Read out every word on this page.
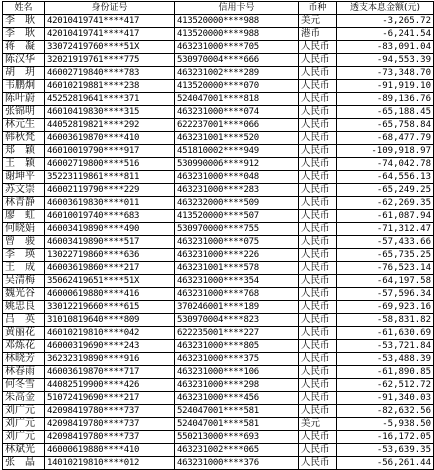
姓名	身份证号	信用卡号	币种	透支本息金额(元)
李　耿	42010419741****417	413520000****988	美元	-3,265.72
李　耿	42010419741****417	413520000****988	港币	-6,241.54
蒋　凝	33072419760****51X	463231000****705	人民币	-83,091.04
陈汉华	32021919761****775	530970004****666	人民币	-94,553.39
胡　玥	46002719840****783	463231002****289	人民币	-73,348.70
韦鹏炯	46010219881****238	413520000****070	人民币	-91,919.10
陈叶蔚	45252819641****371	524047001****818	人民币	-89,136.76
张锦明	46010419830****315	463231000****074	人民币	-65,188.45
林元生	44052819821****292	622237001****066	人民币	-65,758.84
韩秋梵	46003619870****410	463231001****520	人民币	-68,477.79
郑　颖	46010019790****917	451810002****949	人民币	-109,918.97
王　颖	46002719800****516	530990006****912	人民币	-74,042.78
谢坤平	35223119861****811	463231000****048	人民币	-64,556.13
苏文崇	46002119790****229	463231000****283	人民币	-65,249.25
林青静	46003619830****011	463232000****509	人民币	-62,269.35
廖　虹	46010019740****683	413520000****507	人民币	-61,087.94
何晓娟	46003419890****490	530970000****755	人民币	-71,312.47
曾　骏	46003419890****517	463231000****075	人民币	-57,433.66
李　瑛	13022719860****636	463231000****226	人民币	-65,735.25
王　成	46003619860****217	463231001****578	人民币	-76,523.14
吴清梅	35062419651****51X	463231000****354	人民币	-64,197.58
魏光谷	46000619880****416	463231000****768	人民币	-57,596.34
姚忠良	33012219660****615	370246001****189	人民币	-69,923.16
吕　英	31010819640****809	530970004****823	人民币	-58,831.82
黄丽花	46010219810****042	622235001****227	人民币	-61,630.69
邓炼花	46000319690****243	463231000****805	人民币	-53,721.84
林晓芳	36232319890****916	463231000****375	人民币	-53,488.39
林春雨	46003619870****717	463231000****106	人民币	-61,890.85
何冬雪	44082519900****426	463231000****298	人民币	-62,512.72
朱高金	51072419690****217	463231000****456	人民币	-91,340.03
刘广元	42098419780****737	524047001****581	人民币	-82,632.56
刘广元	42098419780****737	524047001****581	美元	-5,938.50
刘广元	42098419780****737	550213000****693	人民币	-16,172.05
林斌光	46000619880****410	463231002****065	人民币	-53,639.35
张　晶	14010219810****012	463231000****376	人民币	-56,261.44
